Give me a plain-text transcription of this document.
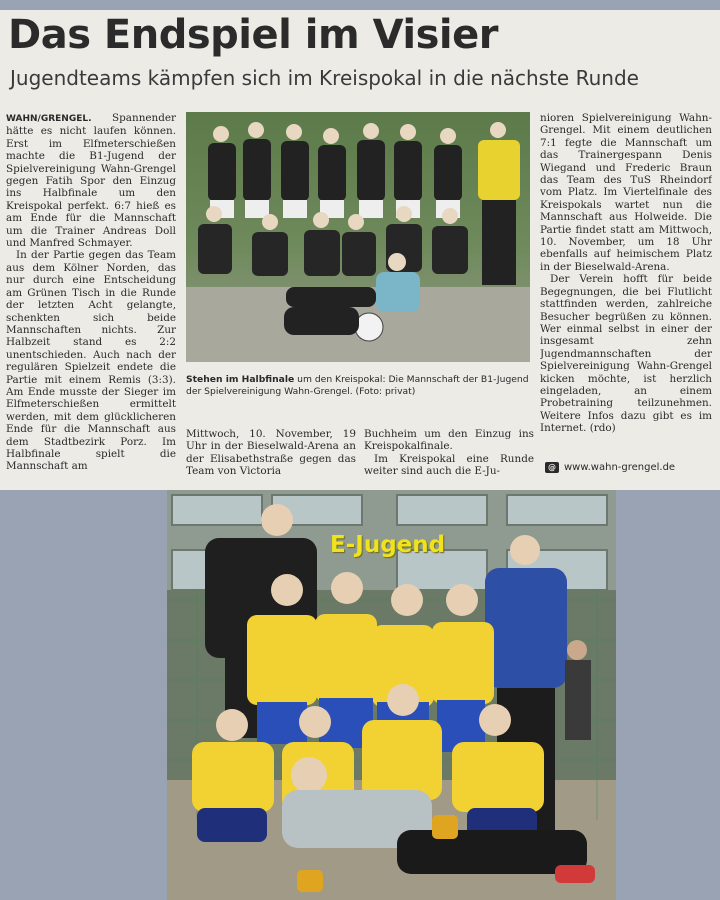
Das Endspiel im Visier
Jugendteams kämpfen sich im Kreispokal in die nächste Runde

WAHN/GRENGEL. Spannender hätte es nicht laufen können. Erst im Elfmeterschießen machte die B1-Jugend der Spielvereinigung Wahn-Grengel gegen Fatih Spor den Einzug ins Halbfinale um den Kreispokal perfekt. 6:7 hieß es am Ende für die Mannschaft um die Trainer Andreas Doll und Manfred Schmayer.

In der Partie gegen das Team aus dem Kölner Norden, das nur durch eine Entscheidung am Grünen Tisch in die Runde der letzten Acht gelangte, schenkten sich beide Mannschaften nichts. Zur Halbzeit stand es 2:2 unentschieden. Auch nach der regulären Spielzeit endete die Partie mit einem Remis (3:3). Am Ende musste der Sieger im Elfmeterschießen ermittelt werden, mit dem glücklicheren Ende für die Mannschaft aus dem Stadtbezirk Porz. Im Halbfinale spielt die Mannschaft am

Stehen im Halbfinale um den Kreispokal: Die Mannschaft der B1-Jugend der Spielvereinigung Wahn-Grengel. (Foto: privat)

Mittwoch, 10. November, 19 Uhr in der Bieselwald-Arena an der Elisabethstraße gegen das Team von Victoria

Buchheim um den Einzug ins Kreispokalfinale.

Im Kreispokal eine Runde weiter sind auch die E-Ju-

nioren Spielvereinigung Wahn-Grengel. Mit einem deutlichen 7:1 fegte die Mannschaft um das Trainergespann Denis Wiegand und Frederic Braun das Team des TuS Rheindorf vom Platz. Im Viertelfinale des Kreispokals wartet nun die Mannschaft aus Holweide. Die Partie findet statt am Mittwoch, 10. November, um 18 Uhr ebenfalls auf heimischem Platz in der Bieselwald-Arena.

Der Verein hofft für beide Begegnungen, die bei Flutlicht stattfinden werden, zahlreiche Besucher begrüßen zu können. Wer einmal selbst in einer der insgesamt zehn Jugendmannschaften der Spielvereinigung Wahn-Grengel kicken möchte, ist herzlich eingeladen, an einem Probetraining teilzunehmen. Weitere Infos dazu gibt es im Internet. (rdo)

@ www.wahn-grengel.de
E-Jugend
